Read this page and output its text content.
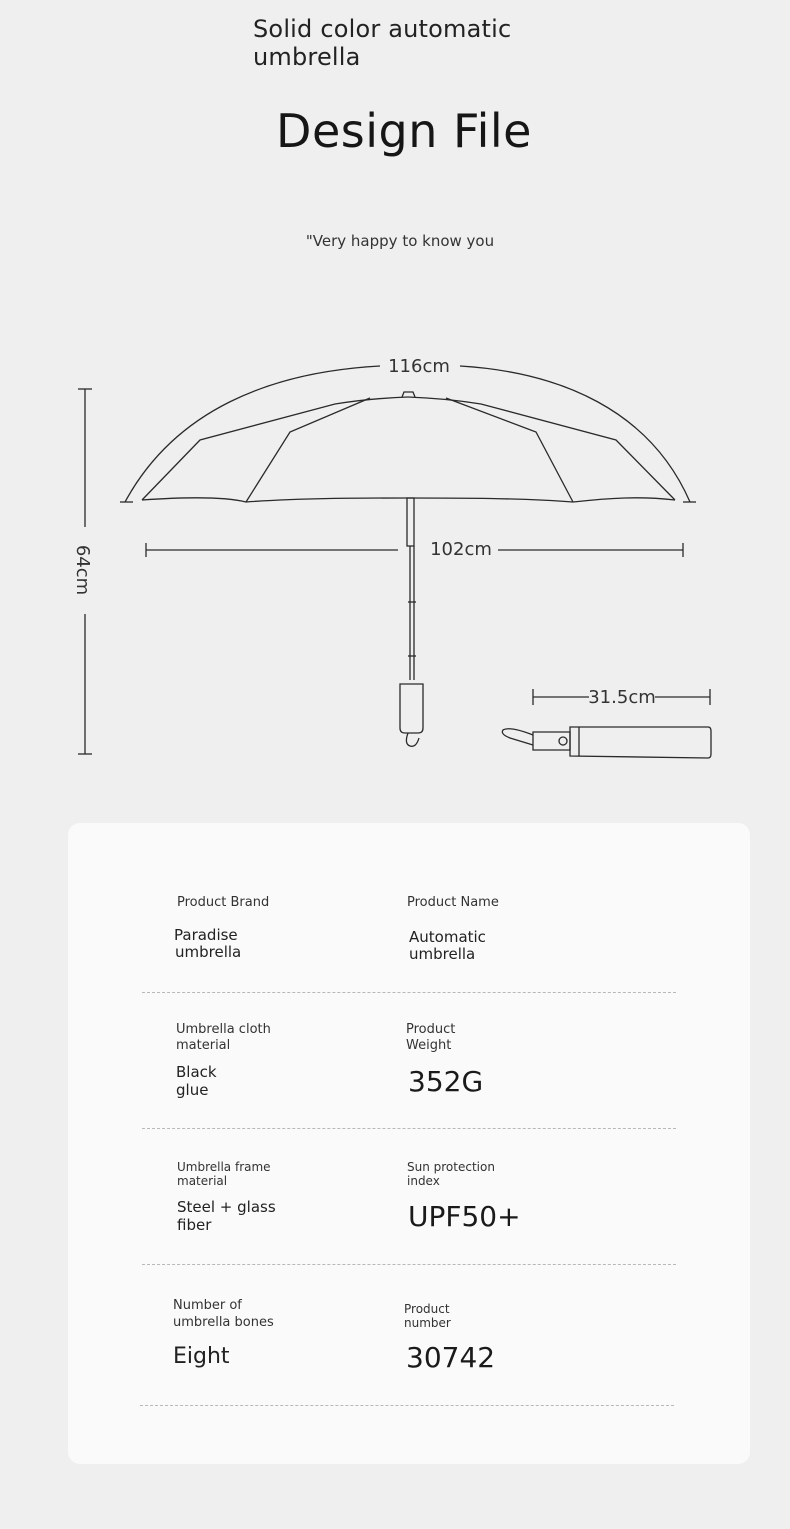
Solid color automatic
umbrella
Design File
"Very happy to know you
116cm
102cm
64cm
31.5cm
Product Brand
Paradise
umbrella
Product Name
Automatic
umbrella
Umbrella cloth
material
Black
glue
Product
Weight
352G
Umbrella frame
material
Steel + glass
fiber
Sun protection
index
UPF50+
Number of
umbrella bones
Eight
Product
number
30742
